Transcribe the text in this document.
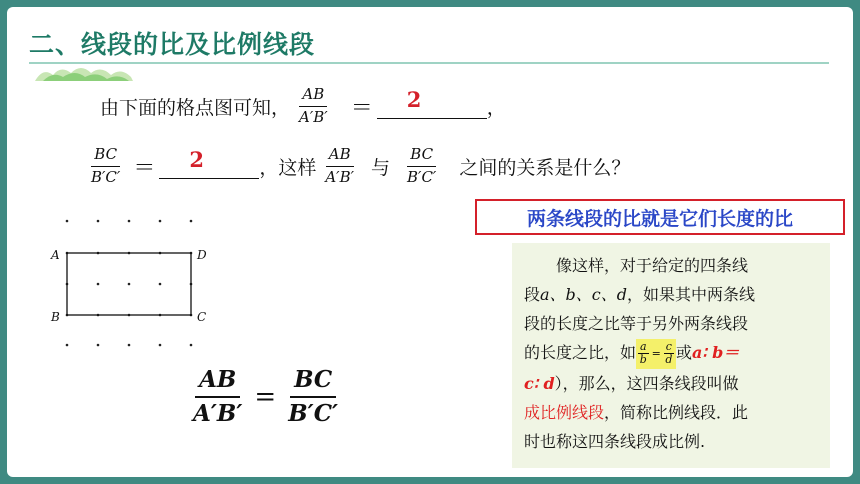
二、线段的比及比例线段
由下面的格点图可知， $\frac{AB}{A'B'} = 2$	，
$\frac{BC}{B'C'} = 2$	，这样 $\frac{AB}{A'B'}$ 与 $\frac{BC}{B'C'}$ 之间的关系是什么？
A
B	C
D
$\frac{AB}{A'B'} = \frac{BC}{B'C'}$
两条线段的比就是它们长度的比
像这样，对于给定的四条线
段a、b、c、d，如果其中两条线
段的长度之比等于另外两条线段
的长度之比，如 $\frac{a}{b} = \frac{c}{d}$ 或a∶ b＝
c∶ d），那么，这四条线段叫做
成比例线段，简称比例线段．此
时也称这四条线段成比例.
